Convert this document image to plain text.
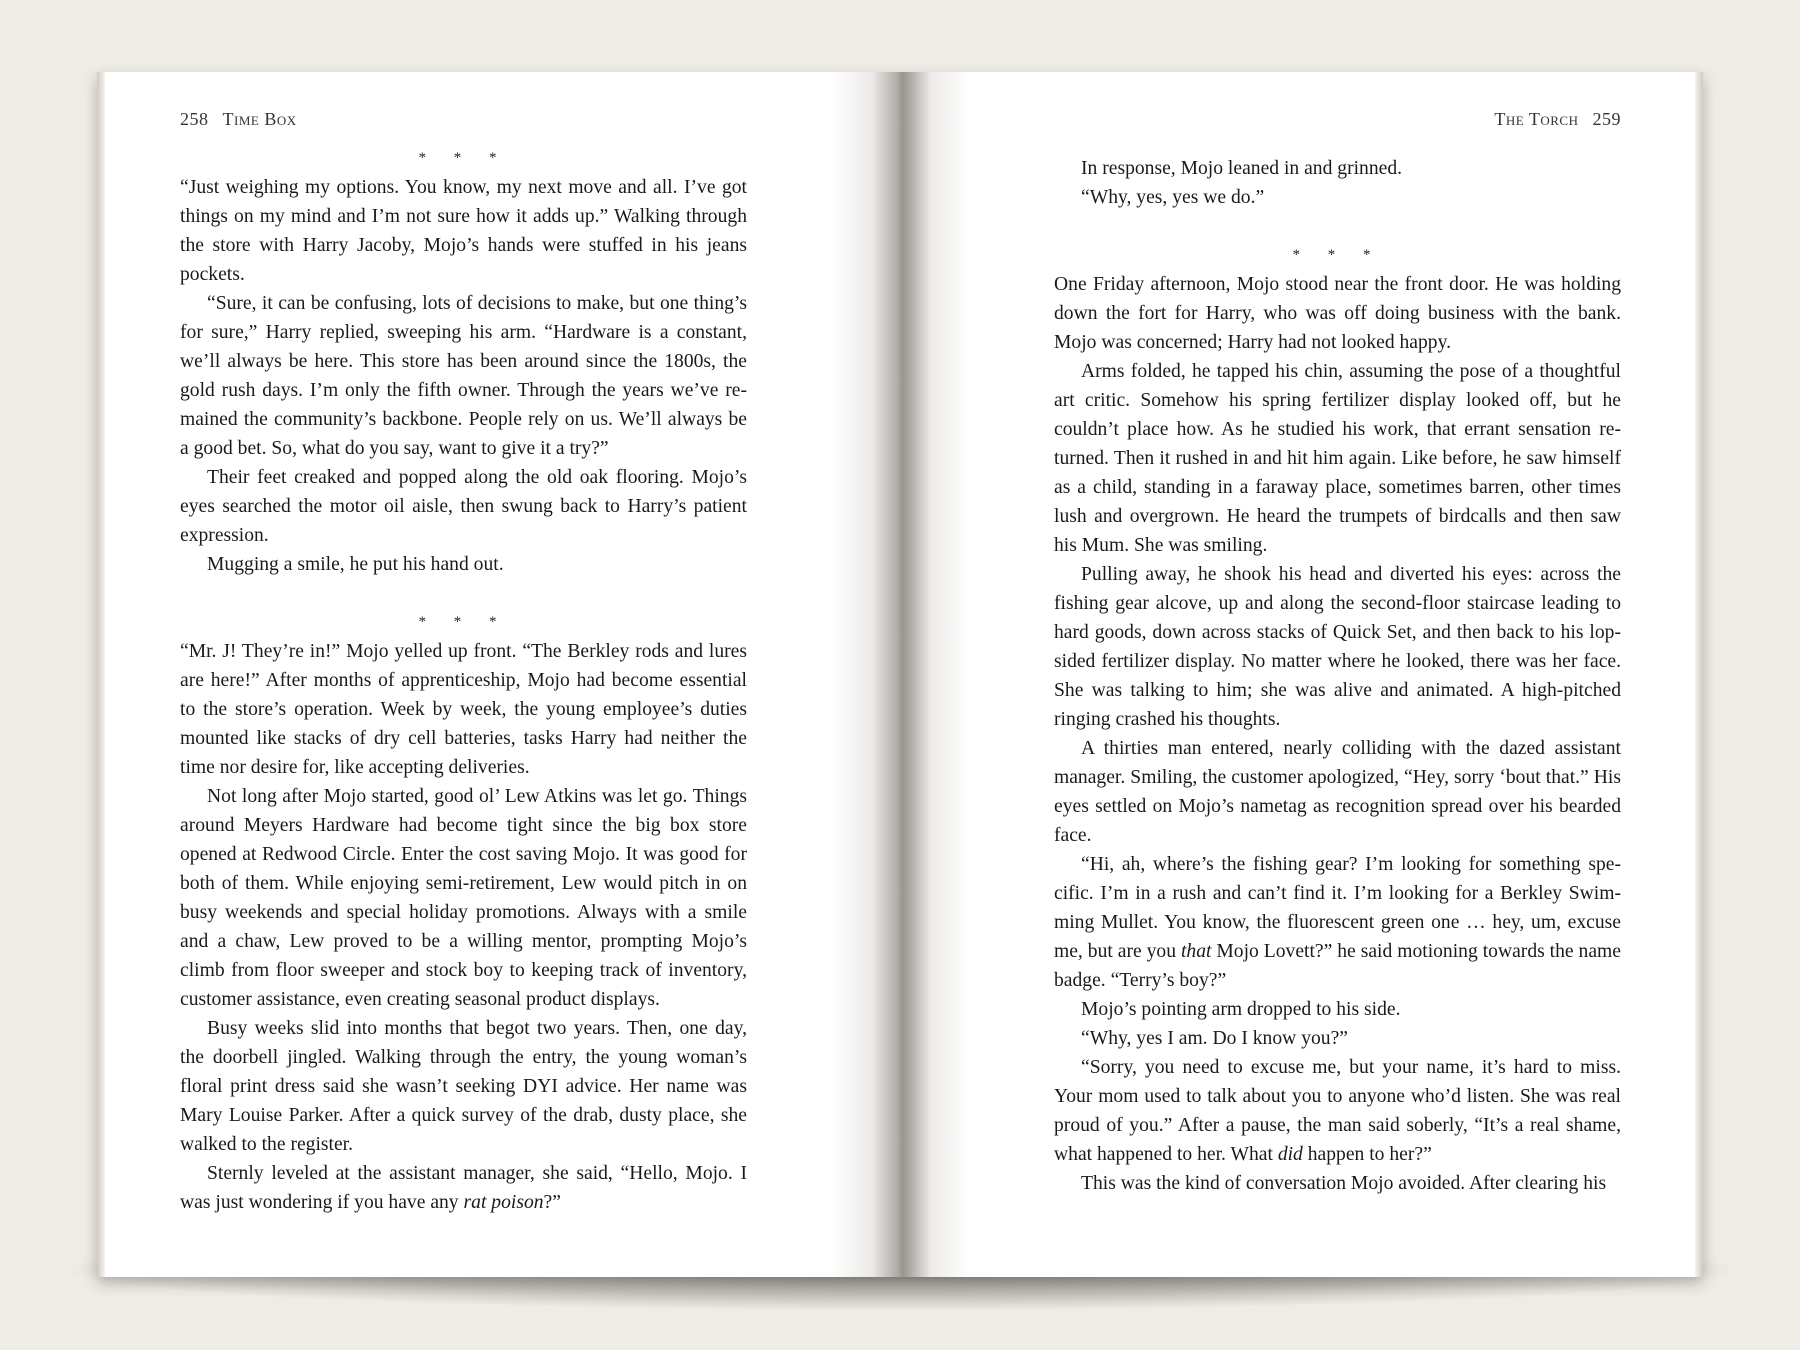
258 Time Box
* * *

“Just weighing my options. You know, my next move and all. I’ve got things on my mind and I’m not sure how it adds up.” Walking through the store with Harry Jacoby, Mojo’s hands were stuffed in his jeans pockets.

“Sure, it can be confusing, lots of decisions to make, but one thing’s for sure,” Harry replied, sweeping his arm. “Hardware is a constant, we’ll always be here. This store has been around since the 1800s, the gold rush days. I’m only the fifth owner. Through the years we’ve remained the community’s backbone. People rely on us. We’ll always be a good bet. So, what do you say, want to give it a try?”

Their feet creaked and popped along the old oak flooring. Mojo’s eyes searched the motor oil aisle, then swung back to Harry’s patient expression.

Mugging a smile, he put his hand out.

* * *

“Mr. J! They’re in!” Mojo yelled up front. “The Berkley rods and lures are here!” After months of apprenticeship, Mojo had become essential to the store’s operation. Week by week, the young employee’s duties mounted like stacks of dry cell batteries, tasks Harry had neither the time nor desire for, like accepting deliveries.

Not long after Mojo started, good ol’ Lew Atkins was let go. Things around Meyers Hardware had become tight since the big box store opened at Redwood Circle. Enter the cost saving Mojo. It was good for both of them. While enjoying semi-retirement, Lew would pitch in on busy weekends and special holiday promotions. Always with a smile and a chaw, Lew proved to be a willing mentor, prompting Mojo’s climb from floor sweeper and stock boy to keeping track of inventory, customer assistance, even creating seasonal product displays.

Busy weeks slid into months that begot two years. Then, one day, the doorbell jingled. Walking through the entry, the young woman’s floral print dress said she wasn’t seeking DYI advice. Her name was Mary Louise Parker. After a quick survey of the drab, dusty place, she walked to the register.

Sternly leveled at the assistant manager, she said, “Hello, Mojo. I was just wondering if you have any rat poison?”

The Torch 259

In response, Mojo leaned in and grinned.

“Why, yes, yes we do.”

* * *

One Friday afternoon, Mojo stood near the front door. He was holding down the fort for Harry, who was off doing business with the bank. Mojo was concerned; Harry had not looked happy.

Arms folded, he tapped his chin, assuming the pose of a thoughtful art critic. Somehow his spring fertilizer display looked off, but he couldn’t place how. As he studied his work, that errant sensation returned. Then it rushed in and hit him again. Like before, he saw himself as a child, standing in a faraway place, sometimes barren, other times lush and overgrown. He heard the trumpets of birdcalls and then saw his Mum. She was smiling.

Pulling away, he shook his head and diverted his eyes: across the fishing gear alcove, up and along the second-floor staircase leading to hard goods, down across stacks of Quick Set, and then back to his lopsided fertilizer display. No matter where he looked, there was her face. She was talking to him; she was alive and animated. A high-pitched ringing crashed his thoughts.

A thirties man entered, nearly colliding with the dazed assistant manager. Smiling, the customer apologized, “Hey, sorry ‘bout that.” His eyes settled on Mojo’s nametag as recognition spread over his bearded face.

“Hi, ah, where’s the fishing gear? I’m looking for something specific. I’m in a rush and can’t find it. I’m looking for a Berkley Swimming Mullet. You know, the fluorescent green one … hey, um, excuse me, but are you that Mojo Lovett?” he said motioning towards the name badge. “Terry’s boy?”

Mojo’s pointing arm dropped to his side.

“Why, yes I am. Do I know you?”

“Sorry, you need to excuse me, but your name, it’s hard to miss. Your mom used to talk about you to anyone who’d listen. She was real proud of you.” After a pause, the man said soberly, “It’s a real shame, what happened to her. What did happen to her?”

This was the kind of conversation Mojo avoided. After clearing his
